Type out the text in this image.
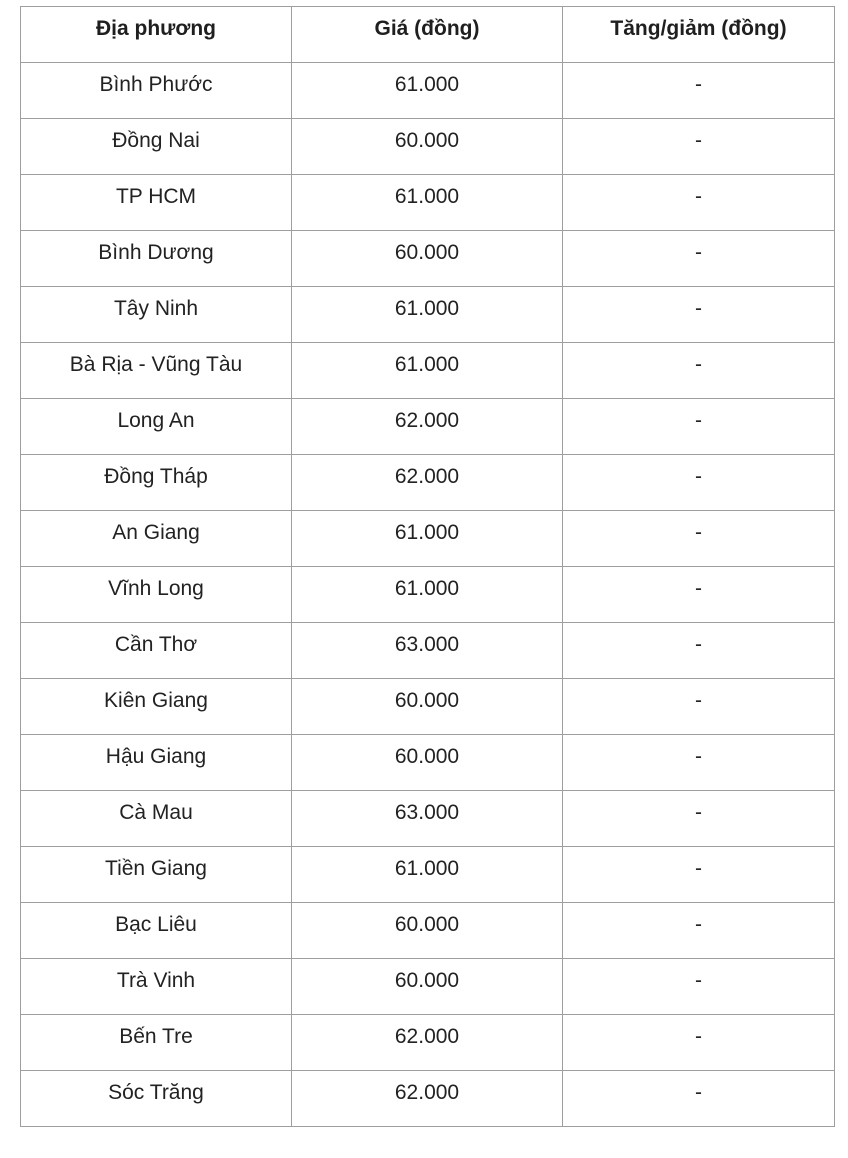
Địa phương	Giá (đồng)	Tăng/giảm (đồng)

Bình Phước	61.000	-

Đồng Nai	60.000	-

TP HCM	61.000	-

Bình Dương	60.000	-

Tây Ninh	61.000	-

Bà Rịa - Vũng Tàu	61.000	-

Long An	62.000	-

Đồng Tháp	62.000	-

An Giang	61.000	-

Vĩnh Long	61.000	-

Cần Thơ	63.000	-

Kiên Giang	60.000	-

Hậu Giang	60.000	-

Cà Mau	63.000	-

Tiền Giang	61.000	-

Bạc Liêu	60.000	-

Trà Vinh	60.000	-

Bến Tre	62.000	-

Sóc Trăng	62.000	-
